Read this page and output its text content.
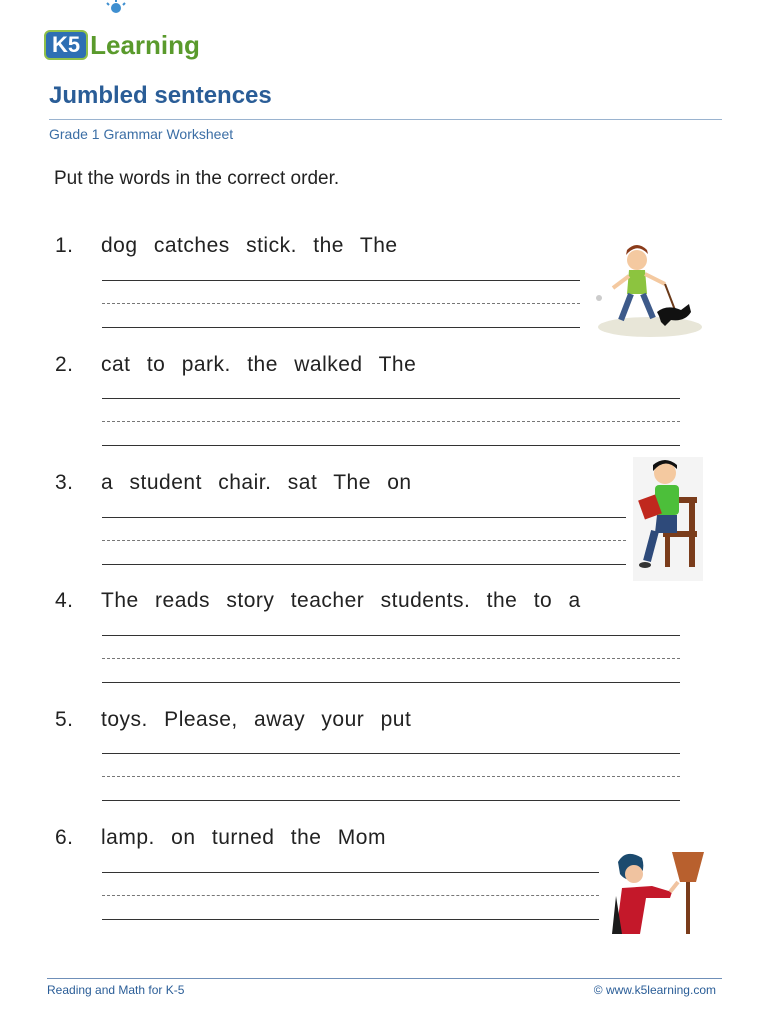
K5 Learning
Jumbled sentences
Grade 1 Grammar Worksheet
Put the words in the correct order.
1. dog catches stick. the The
2. cat to park. the walked The
3. a student chair. sat The on
4. The reads story teacher students. the to a
5. toys. Please, away your put
6. lamp. on turned the Mom
Reading and Math for K-5	© www.k5learning.com
